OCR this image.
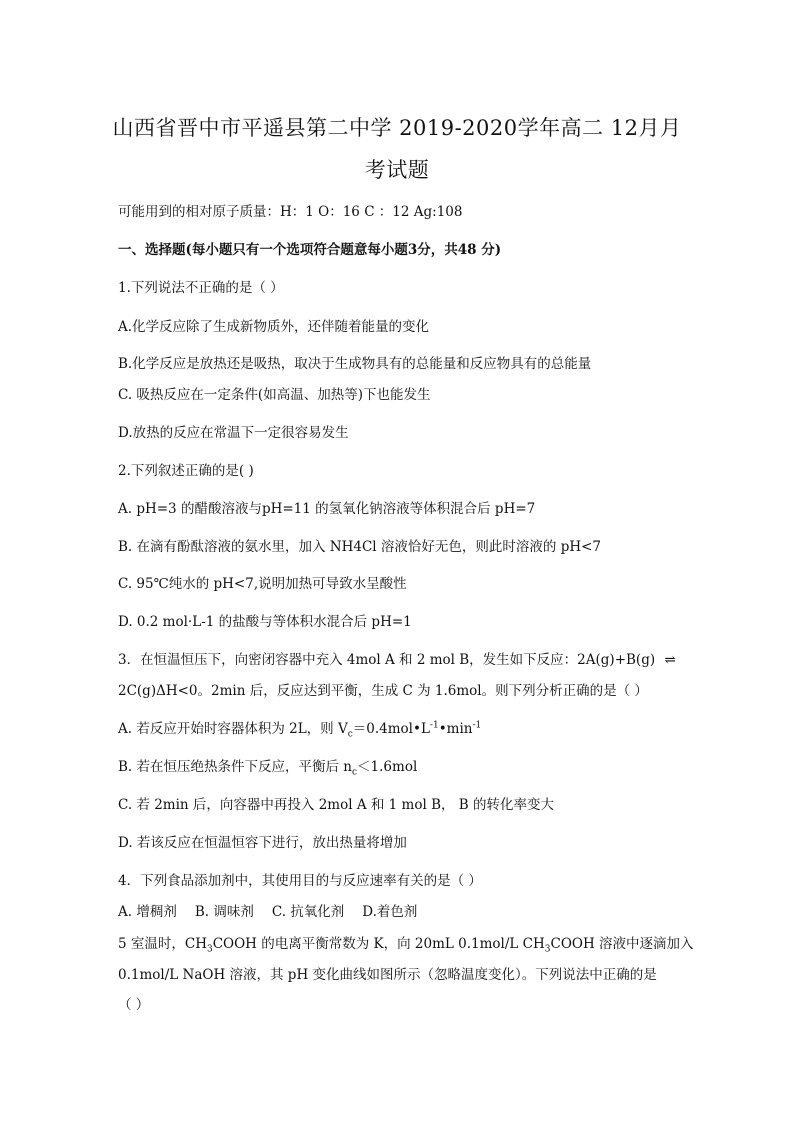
山西省晋中市平遥县第二中学 2019-2020学年高二 12月月
考试题
可能用到的相对原子质量：H：1 O：16 C ：12 Ag:108
一、选择题(每小题只有一个选项符合题意每小题3分，共48 分)
1.下列说法不正确的是（ ）
A.化学反应除了生成新物质外，还伴随着能量的变化
B.化学反应是放热还是吸热，取决于生成物具有的总能量和反应物具有的总能量
C. 吸热反应在一定条件(如高温、加热等)下也能发生
D.放热的反应在常温下一定很容易发生
2.下列叙述正确的是( )
A. pH=3 的醋酸溶液与pH=11 的氢氧化钠溶液等体积混合后 pH=7
B. 在滴有酚酞溶液的氨水里，加入 NH4Cl 溶液恰好无色，则此时溶液的 pH<7
C. 95℃纯水的 pH<7,说明加热可导致水呈酸性
D. 0.2 mol·L-1 的盐酸与等体积水混合后 pH=1
3．在恒温恒压下，向密闭容器中充入 4mol A 和 2 mol B，发生如下反应：2A(g)+B(g) ⇌
2C(g)ΔH<0。2min 后，反应达到平衡，生成 C 为 1.6mol。则下列分析正确的是（ ）
A. 若反应开始时容器体积为 2L，则 $V_c=0.4mol•L^{-1}•\min^{-1}$
B. 若在恒压绝热条件下反应，平衡后 $n_c<1.6mol$
C. 若 2min 后，向容器中再投入 2mol A 和 1 mol B， B 的转化率变大
D. 若该反应在恒温恒容下进行，放出热量将增加
4．下列食品添加剂中，其使用目的与反应速率有关的是（ ）
A. 增稠剂 B. 调味剂 C. 抗氧化剂 D.着色剂
5 室温时，$CH_3COOH$ 的电离平衡常数为 K，向 20mL 0.1mol/L $CH_3COOH$ 溶液中逐滴加入
0.1mol/L NaOH 溶液，其 pH 变化曲线如图所示（忽略温度变化）。下列说法中正确的是
（ ）
